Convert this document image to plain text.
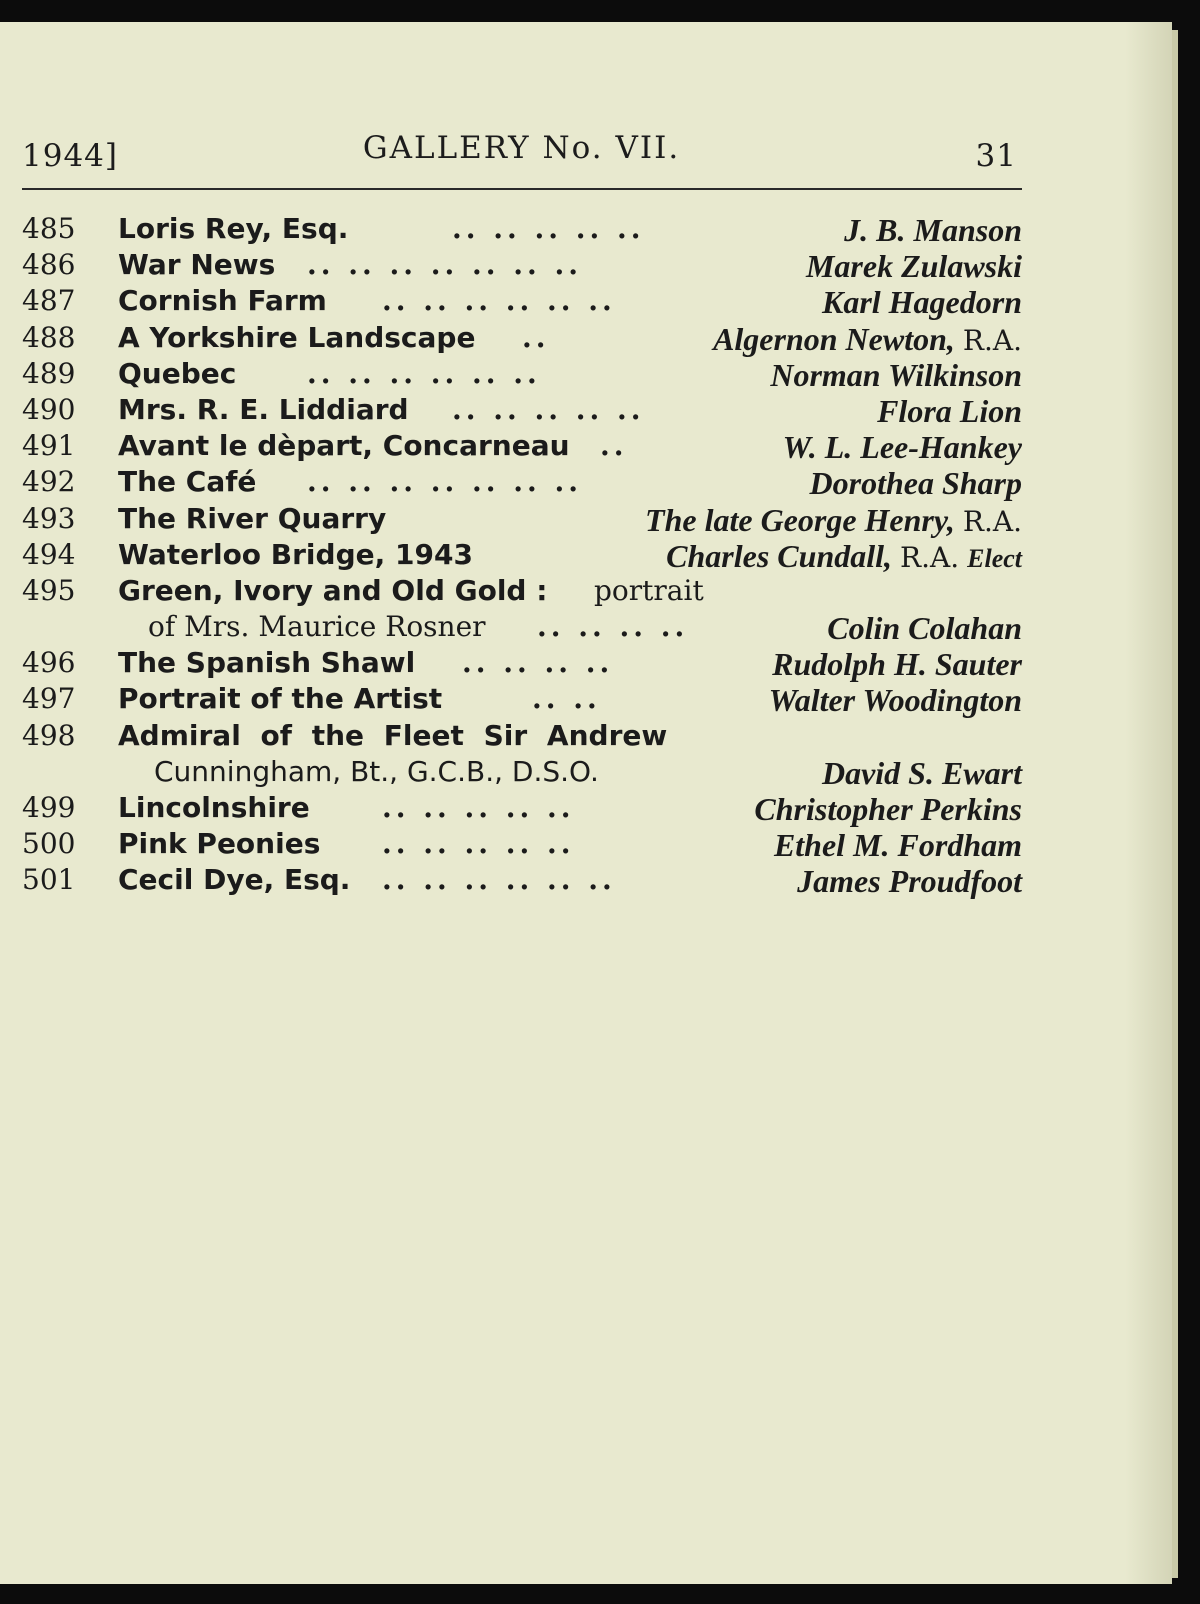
1944]	GALLERY No. VII.	31
485	Loris Rey, Esq.	.. .. .. .. ..	J. B. Manson
486	War News .. .. .. .. .. .. ..	Marek Zulawski
487	Cornish Farm .. .. .. .. .. ..	Karl Hagedorn
488	A Yorkshire Landscape ..	Algernon Newton, R.A.
489	Quebec	.. .. .. .. .. ..	Norman Wilkinson
490	Mrs. R. E. Liddiard .. .. .. .. ..	Flora Lion
491	Avant le dèpart, Concarneau ..	W. L. Lee-Hankey
492	The Café .. .. .. .. .. .. ..	Dorothea Sharp
493	The River Quarry	The late George Henry, R.A.
494	Waterloo Bridge, 1943	Charles Cundall, R.A. Elect
495	Green, Ivory and Old Gold : portrait
of Mrs. Maurice Rosner .. .. .. ..	Colin Colahan
496	The Spanish Shawl .. .. .. ..	Rudolph H. Sauter
497	Portrait of the Artist	.. ..	Walter Woodington
498	Admiral of the Fleet Sir Andrew
Cunningham, Bt., G.C.B., D.S.O.	David S. Ewart
499	Lincolnshire	.. .. .. .. ..	Christopher Perkins
500	Pink Peonies .. .. .. .. ..	Ethel M. Fordham
501	Cecil Dye, Esq. .. .. .. .. .. ..	James Proudfoot
